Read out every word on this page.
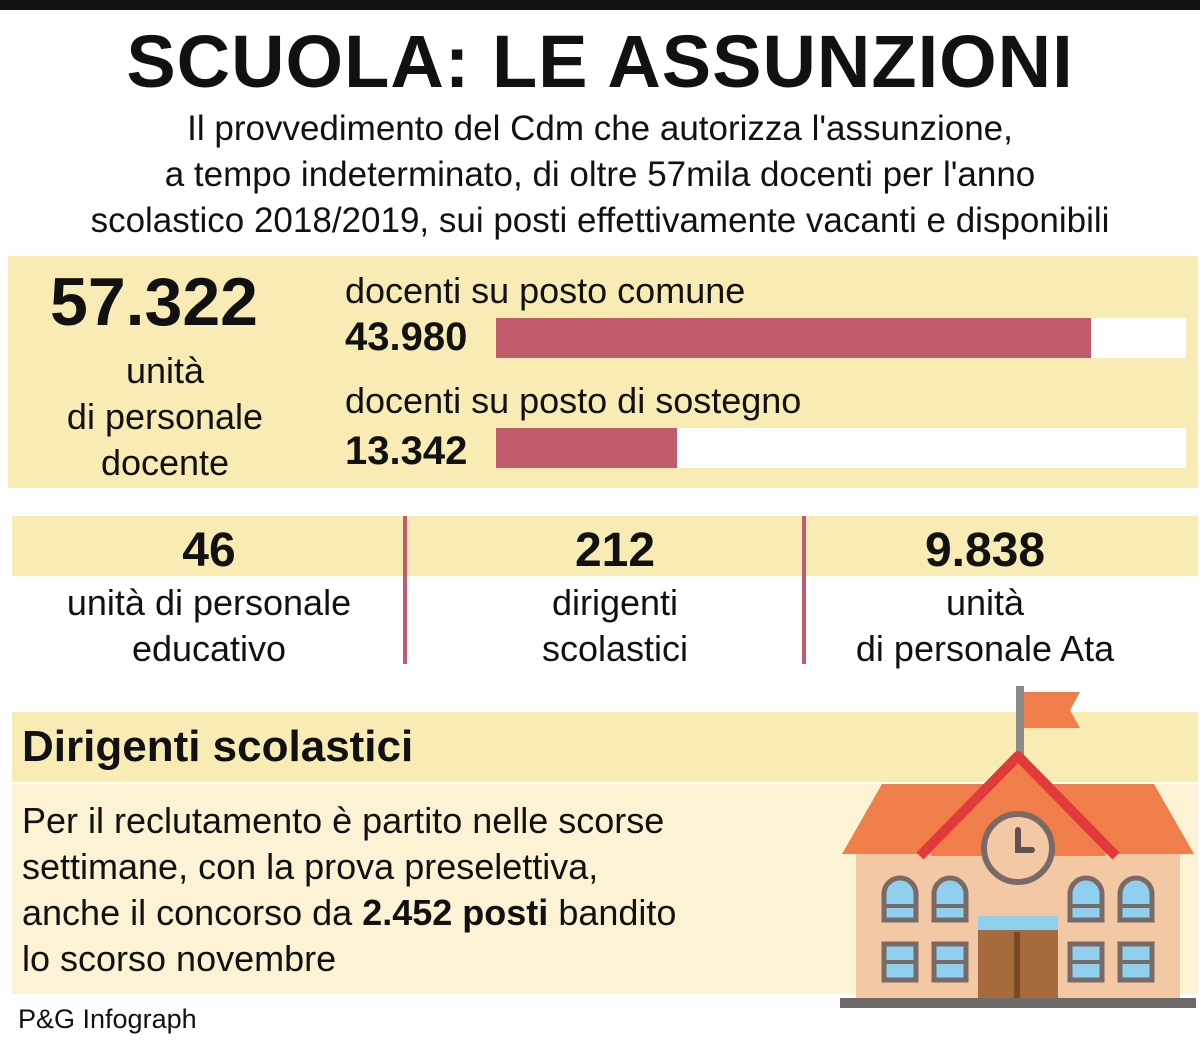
SCUOLA: LE ASSUNZIONI
Il provvedimento del Cdm che autorizza l'assunzione,
a tempo indeterminato, di oltre 57mila docenti per l'anno
scolastico 2018/2019, sui posti effettivamente vacanti e disponibili
57.322
unità
di personale
docente
docenti su posto comune
43.980
docenti su posto di sostegno
13.342
46
unità di personale
educativo
212
dirigenti
scolastici
9.838
unità
di personale Ata
Dirigenti scolastici
Per il reclutamento è partito nelle scorse
settimane, con la prova preselettiva,
anche il concorso da 2.452 posti bandito
lo scorso novembre
P&G Infograph
